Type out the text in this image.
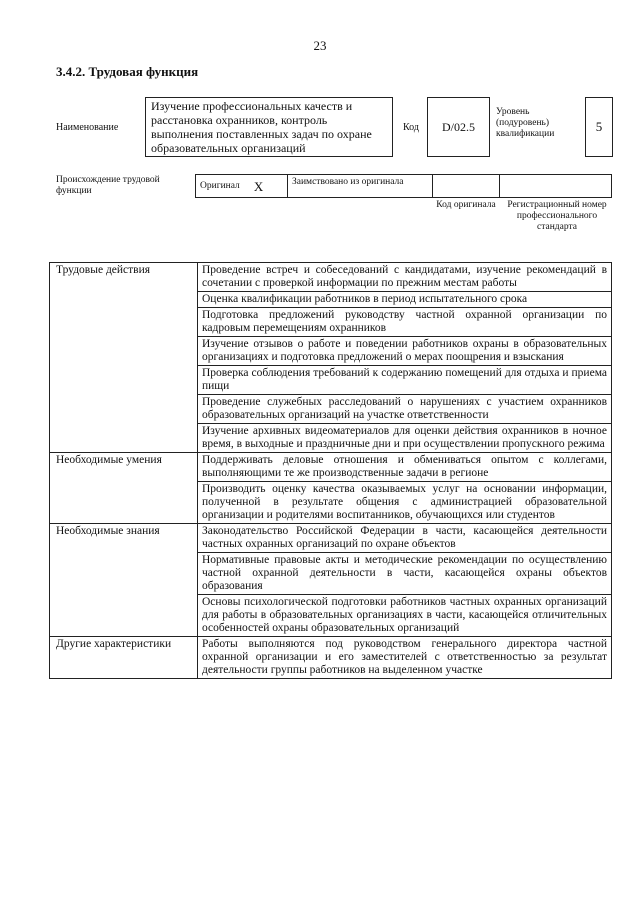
23
3.4.2. Трудовая функция
Наименование
Изучение профессиональных качеств и расстановка охранников, контроль выполнения поставленных задач по охране образовательных организаций
Код	D/02.5
Уровень (подуровень) квалификации	5
Происхождение трудовой функции
Оригинал X	Заимствовано из оригинала
Код оригинала Регистрационный номер профессионального стандарта
Трудовые действия	Проведение встреч и собеседований с кандидатами, изучение рекомендаций в сочетании с проверкой информации по прежним местам работы
	Оценка квалификации работников в период испытательного срока
	Подготовка предложений руководству частной охранной организации по кадровым перемещениям охранников
	Изучение отзывов о работе и поведении работников охраны в образовательных организациях и подготовка предложений о мерах поощрения и взыскания
	Проверка соблюдения требований к содержанию помещений для отдыха и приема пищи
	Проведение служебных расследований о нарушениях с участием охранников образовательных организаций на участке ответственности
	Изучение архивных видеоматериалов для оценки действия охранников в ночное время, в выходные и праздничные дни и при осуществлении пропускного режима
Необходимые умения	Поддерживать деловые отношения и обмениваться опытом с коллегами, выполняющими те же производственные задачи в регионе
	Производить оценку качества оказываемых услуг на основании информации, полученной в результате общения с администрацией образовательной организации и родителями воспитанников, обучающихся или студентов
Необходимые знания	Законодательство Российской Федерации в части, касающейся деятельности частных охранных организаций по охране объектов
	Нормативные правовые акты и методические рекомендации по осуществлению частной охранной деятельности в части, касающейся охраны объектов образования
	Основы психологической подготовки работников частных охранных организаций для работы в образовательных организациях в части, касающейся отличительных особенностей охраны образовательных организаций
Другие характеристики	Работы выполняются под руководством генерального директора частной охранной организации и его заместителей с ответственностью за результат деятельности группы работников на выделенном участке
